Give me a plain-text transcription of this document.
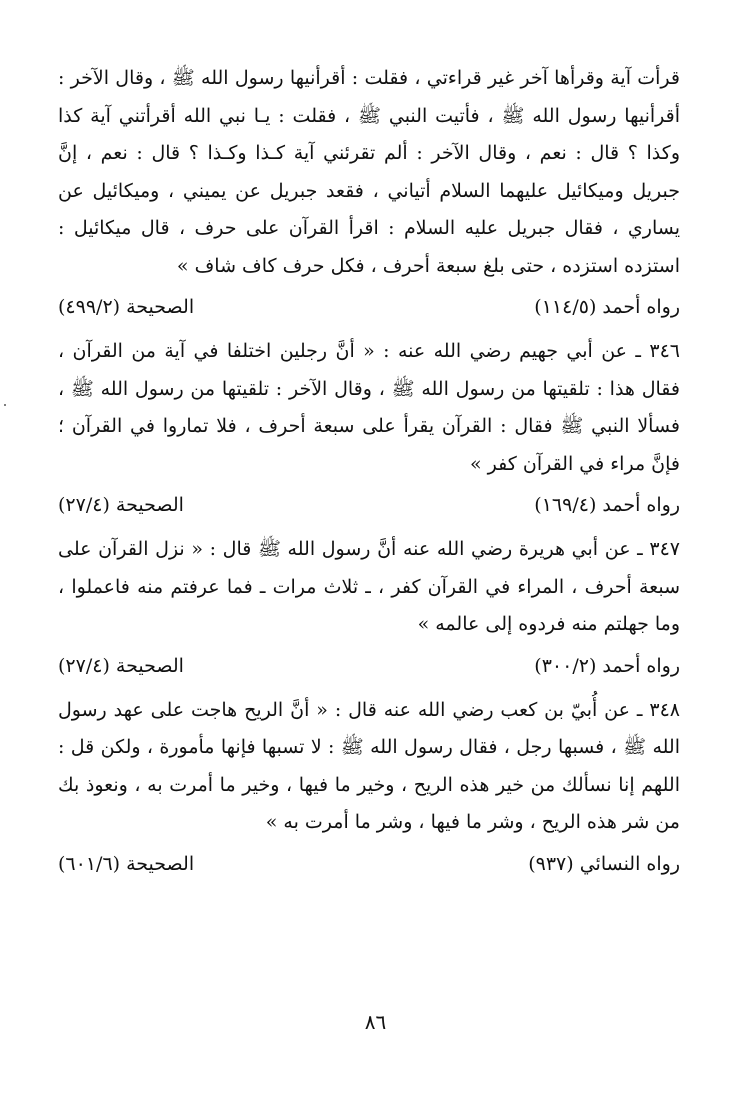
قرأت آية وقرأها آخر غير قراءتي ، فقلت : أقرأنيها رسول الله ﷺ ، وقال الآخر : أقرأنيها رسول الله ﷺ ، فأتيت النبي ﷺ ، فقلت : يـا نبي الله أقرأتني آية كذا وكذا ؟ قال : نعم ، وقال الآخر : ألم تقرئني آية كـذا وكـذا ؟ قال : نعم ، إنَّ جبريل وميكائيل عليهما السلام أتياني ، فقعد جبريل عن يميني ، وميكائيل عن يساري ، فقال جبريل عليه السلام : اقرأ القرآن على حرف ، قال ميكائيل : استزده استزده ، حتى بلغ سبعة أحرف ، فكل حرف كاف شاف »

رواه أحمد (١١٤/٥)
الصحيحة (٤٩٩/٢)

٣٤٦ ـ عن أبي جهيم رضي الله عنه : « أنَّ رجلين اختلفا في آية من القرآن ، فقال هذا : تلقيتها من رسول الله ﷺ ، وقال الآخر : تلقيتها من رسول الله ﷺ ، فسألا النبي ﷺ فقال : القرآن يقرأ على سبعة أحرف ، فلا تماروا في القرآن ؛ فإنَّ مراء في القرآن كفر »

رواه أحمد (١٦٩/٤)
الصحيحة (٢٧/٤)

٣٤٧ ـ عن أبي هريرة رضي الله عنه أنَّ رسول الله ﷺ قال : « نزل القرآن على سبعة أحرف ، المراء في القرآن كفر ، ـ ثلاث مرات ـ فما عرفتم منه فاعملوا ، وما جهلتم منه فردوه إلى عالمه »

رواه أحمد (٣٠٠/٢)
الصحيحة (٢٧/٤)

٣٤٨ ـ عن أُبيّ بن كعب رضي الله عنه قال : « أنَّ الريح هاجت على عهد رسول الله ﷺ ، فسبها رجل ، فقال رسول الله ﷺ : لا تسبها فإنها مأمورة ، ولكن قل : اللهم إنا نسألك من خير هذه الريح ، وخير ما فيها ، وخير ما أمرت به ، ونعوذ بك من شر هذه الريح ، وشر ما فيها ، وشر ما أمرت به »

رواه النسائي (٩٣٧)
الصحيحة (٦٠١/٦)
٨٦
